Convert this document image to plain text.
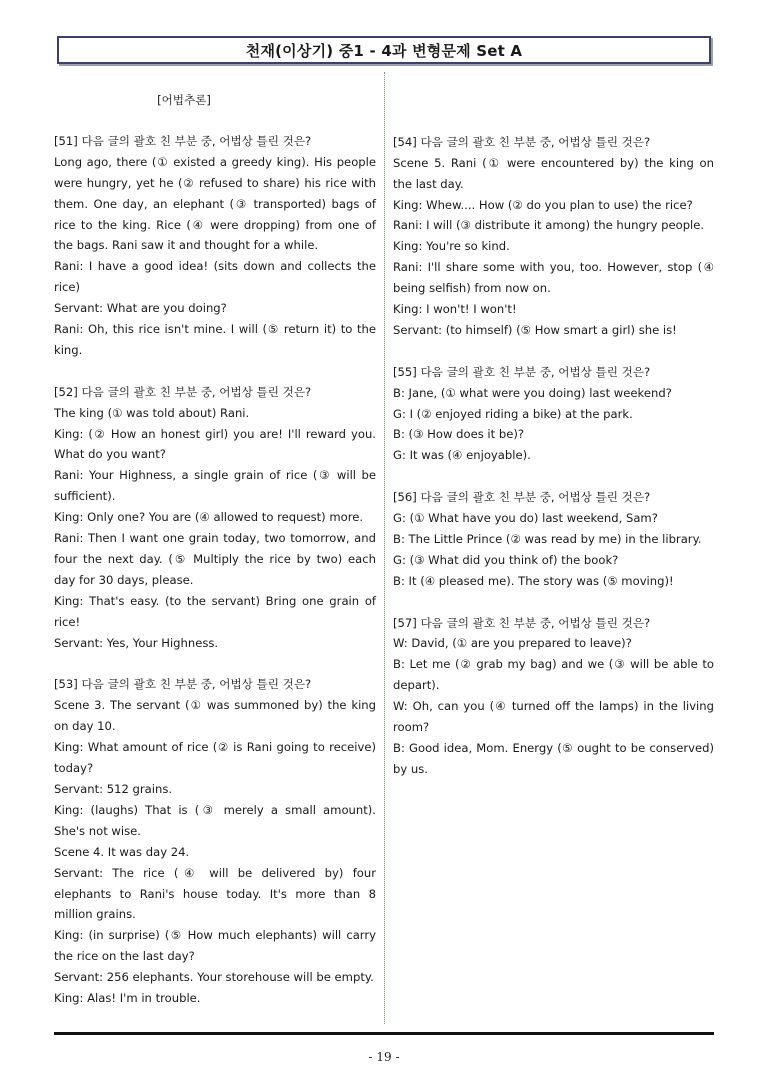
천재(이상기) 중1 - 4과 변형문제 Set A

[어법추론]

[51] 다음 글의 괄호 친 부분 중, 어법상 틀린 것은?

Long ago, there (① existed a greedy king). His people were hungry, yet he (② refused to share) his rice with them. One day, an elephant (③ transported) bags of rice to the king. Rice (④ were dropping) from one of the bags. Rani saw it and thought for a while.

Rani: I have a good idea! (sits down and collects the rice)

Servant: What are you doing?

Rani: Oh, this rice isn't mine. I will (⑤ return it) to the king.

[52] 다음 글의 괄호 친 부분 중, 어법상 틀린 것은?

The king (① was told about) Rani.

King: (② How an honest girl) you are! I'll reward you. What do you want?

Rani: Your Highness, a single grain of rice (③ will be sufficient).

King: Only one? You are (④ allowed to request) more.

Rani: Then I want one grain today, two tomorrow, and four the next day. (⑤ Multiply the rice by two) each day for 30 days, please.

King: That's easy. (to the servant) Bring one grain of rice!

Servant: Yes, Your Highness.

[53] 다음 글의 괄호 친 부분 중, 어법상 틀린 것은?

Scene 3. The servant (① was summoned by) the king on day 10.

King: What amount of rice (② is Rani going to receive) today?

Servant: 512 grains.

King: (laughs) That is (③ merely a small amount). She's not wise.

Scene 4. It was day 24.

Servant: The rice (④ will be delivered by) four elephants to Rani's house today. It's more than 8 million grains.

King: (in surprise) (⑤ How much elephants) will carry the rice on the last day?

Servant: 256 elephants. Your storehouse will be empty.

King: Alas! I'm in trouble.

[54] 다음 글의 괄호 친 부분 중, 어법상 틀린 것은?

Scene 5. Rani (① were encountered by) the king on the last day.

King: Whew.... How (② do you plan to use) the rice?

Rani: I will (③ distribute it among) the hungry people.

King: You're so kind.

Rani: I'll share some with you, too. However, stop (④ being selfish) from now on.

King: I won't! I won't!

Servant: (to himself) (⑤ How smart a girl) she is!

[55] 다음 글의 괄호 친 부분 중, 어법상 틀린 것은?

B: Jane, (① what were you doing) last weekend?

G: I (② enjoyed riding a bike) at the park.

B: (③ How does it be)?

G: It was (④ enjoyable).

[56] 다음 글의 괄호 친 부분 중, 어법상 틀린 것은?

G: (① What have you do) last weekend, Sam?

B: The Little Prince (② was read by me) in the library.

G: (③ What did you think of) the book?

B: It (④ pleased me). The story was (⑤ moving)!

[57] 다음 글의 괄호 친 부분 중, 어법상 틀린 것은?

W: David, (① are you prepared to leave)?

B: Let me (② grab my bag) and we (③ will be able to depart).

W: Oh, can you (④ turned off the lamps) in the living room?

B: Good idea, Mom. Energy (⑤ ought to be conserved) by us.

- 19 -
